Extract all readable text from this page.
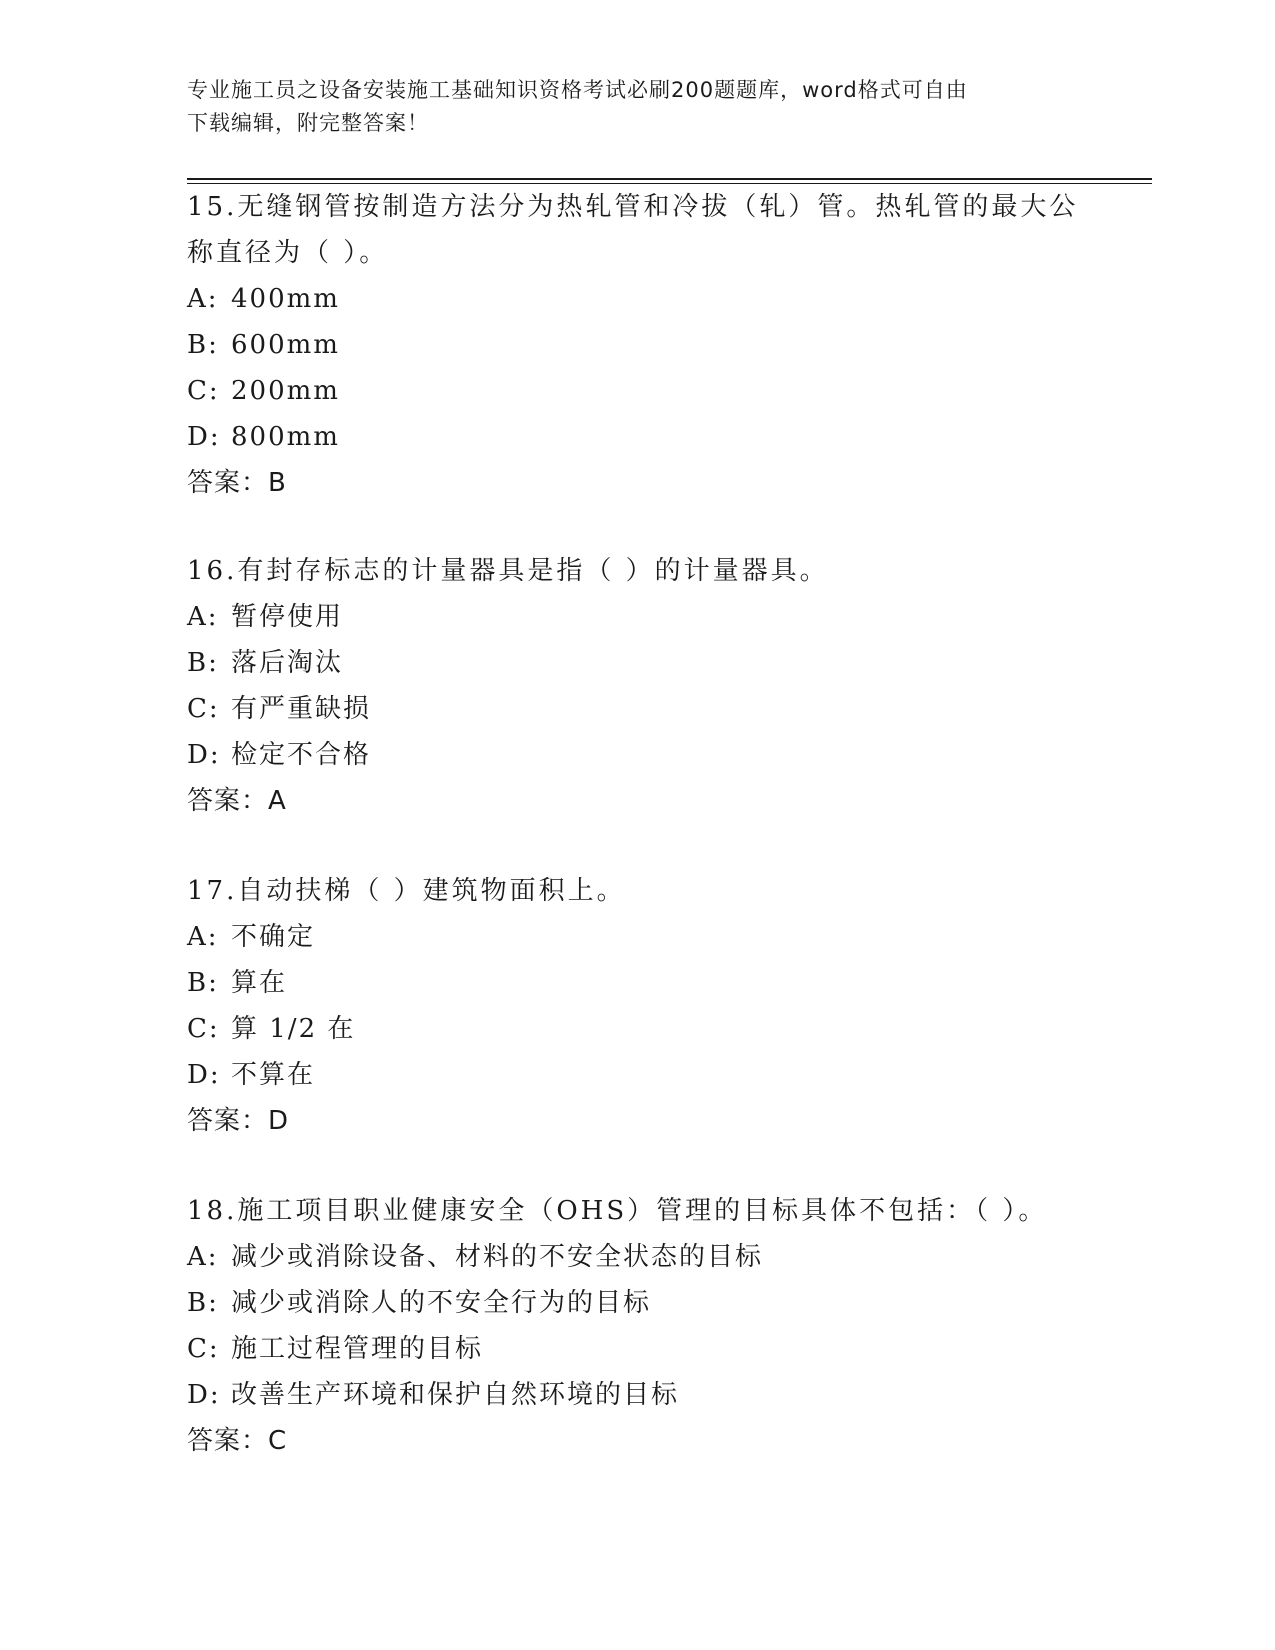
专业施工员之设备安装施工基础知识资格考试必刷200题题库，word格式可自由
下载编辑，附完整答案！

15.无缝钢管按制造方法分为热轧管和冷拔（轧）管。热轧管的最大公

称直径为（ ）。

A: 400mm

B: 600mm

C: 200mm

D: 800mm

答案：B

16.有封存标志的计量器具是指（ ）的计量器具。

A: 暂停使用

B: 落后淘汰

C: 有严重缺损

D: 检定不合格

答案：A

17.自动扶梯（ ）建筑物面积上。

A: 不确定

B: 算在

C: 算 1/2 在

D: 不算在

答案：D

18.施工项目职业健康安全（OHS）管理的目标具体不包括：（ ）。

A: 减少或消除设备、材料的不安全状态的目标

B: 减少或消除人的不安全行为的目标

C: 施工过程管理的目标

D: 改善生产环境和保护自然环境的目标

答案：C
